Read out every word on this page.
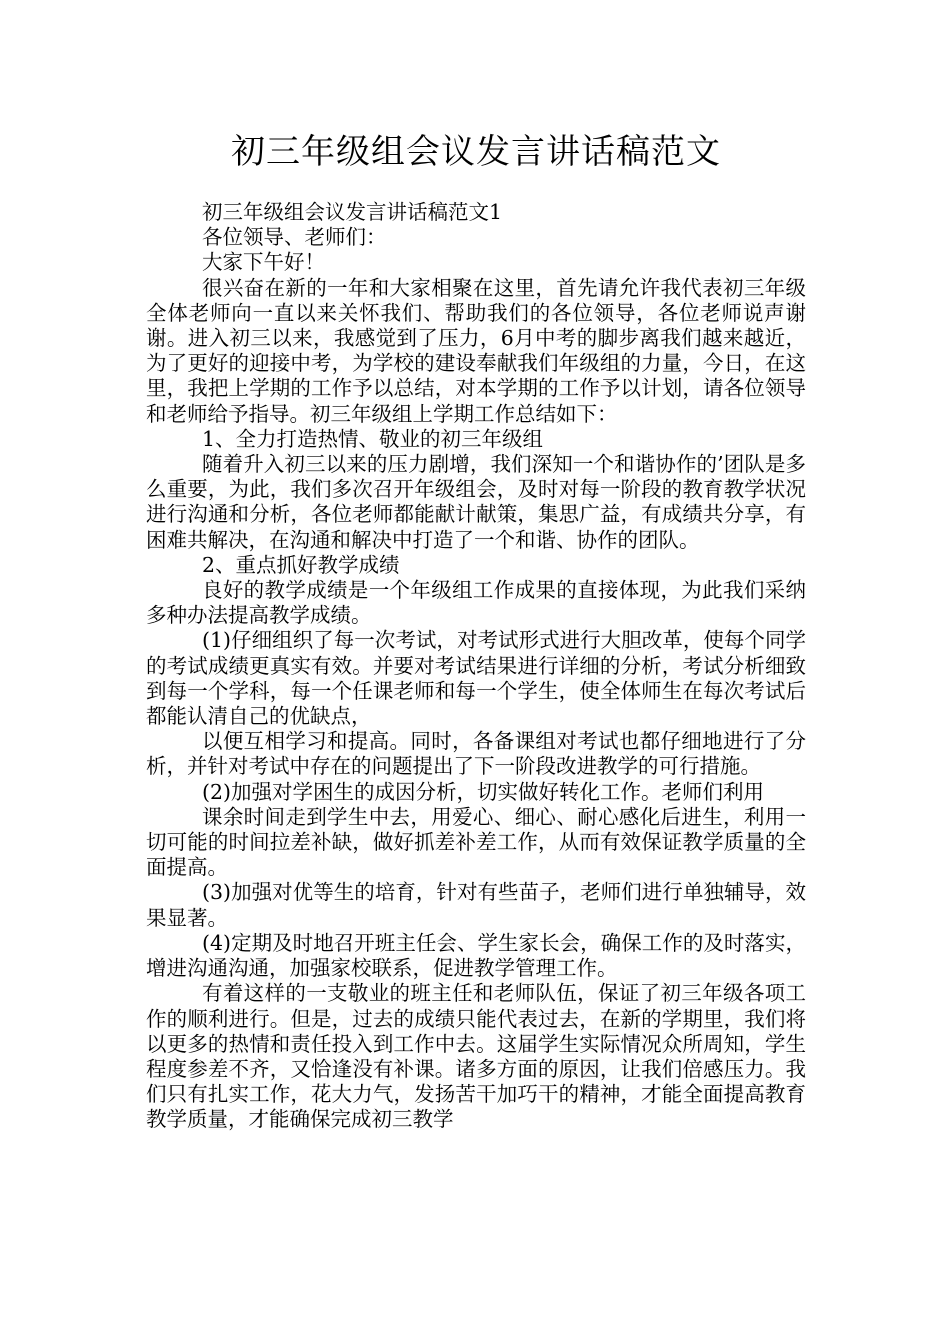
初三年级组会议发言讲话稿范文

初三年级组会议发言讲话稿范文1

各位领导、老师们：

大家下午好！

很兴奋在新的一年和大家相聚在这里，首先请允许我代表初三年级全体老师向一直以来关怀我们、帮助我们的各位领导，各位老师说声谢谢。进入初三以来，我感觉到了压力，6月中考的脚步离我们越来越近，为了更好的迎接中考，为学校的建设奉献我们年级组的力量，今日，在这里，我把上学期的工作予以总结，对本学期的工作予以计划，请各位领导和老师给予指导。初三年级组上学期工作总结如下：

1、全力打造热情、敬业的初三年级组

随着升入初三以来的压力剧增，我们深知一个和谐协作的’团队是多么重要，为此，我们多次召开年级组会，及时对每一阶段的教育教学状况进行沟通和分析，各位老师都能献计献策，集思广益，有成绩共分享，有困难共解决，在沟通和解决中打造了一个和谐、协作的团队。

2、重点抓好教学成绩

良好的教学成绩是一个年级组工作成果的直接体现，为此我们采纳多种办法提高教学成绩。

(1)仔细组织了每一次考试，对考试形式进行大胆改革，使每个同学的考试成绩更真实有效。并要对考试结果进行详细的分析，考试分析细致到每一个学科，每一个任课老师和每一个学生，使全体师生在每次考试后都能认清自己的优缺点，

以便互相学习和提高。同时，各备课组对考试也都仔细地进行了分析，并针对考试中存在的问题提出了下一阶段改进教学的可行措施。

(2)加强对学困生的成因分析，切实做好转化工作。老师们利用

课余时间走到学生中去，用爱心、细心、耐心感化后进生，利用一切可能的时间拉差补缺，做好抓差补差工作，从而有效保证教学质量的全面提高。

(3)加强对优等生的培育，针对有些苗子，老师们进行单独辅导，效果显著。

(4)定期及时地召开班主任会、学生家长会，确保工作的及时落实，增进沟通沟通，加强家校联系，促进教学管理工作。

有着这样的一支敬业的班主任和老师队伍，保证了初三年级各项工作的顺利进行。但是，过去的成绩只能代表过去，在新的学期里，我们将以更多的热情和责任投入到工作中去。这届学生实际情况众所周知，学生程度参差不齐，又恰逢没有补课。诸多方面的原因，让我们倍感压力。我们只有扎实工作，花大力气，发扬苦干加巧干的精神，才能全面提高教育教学质量，才能确保完成初三教学
